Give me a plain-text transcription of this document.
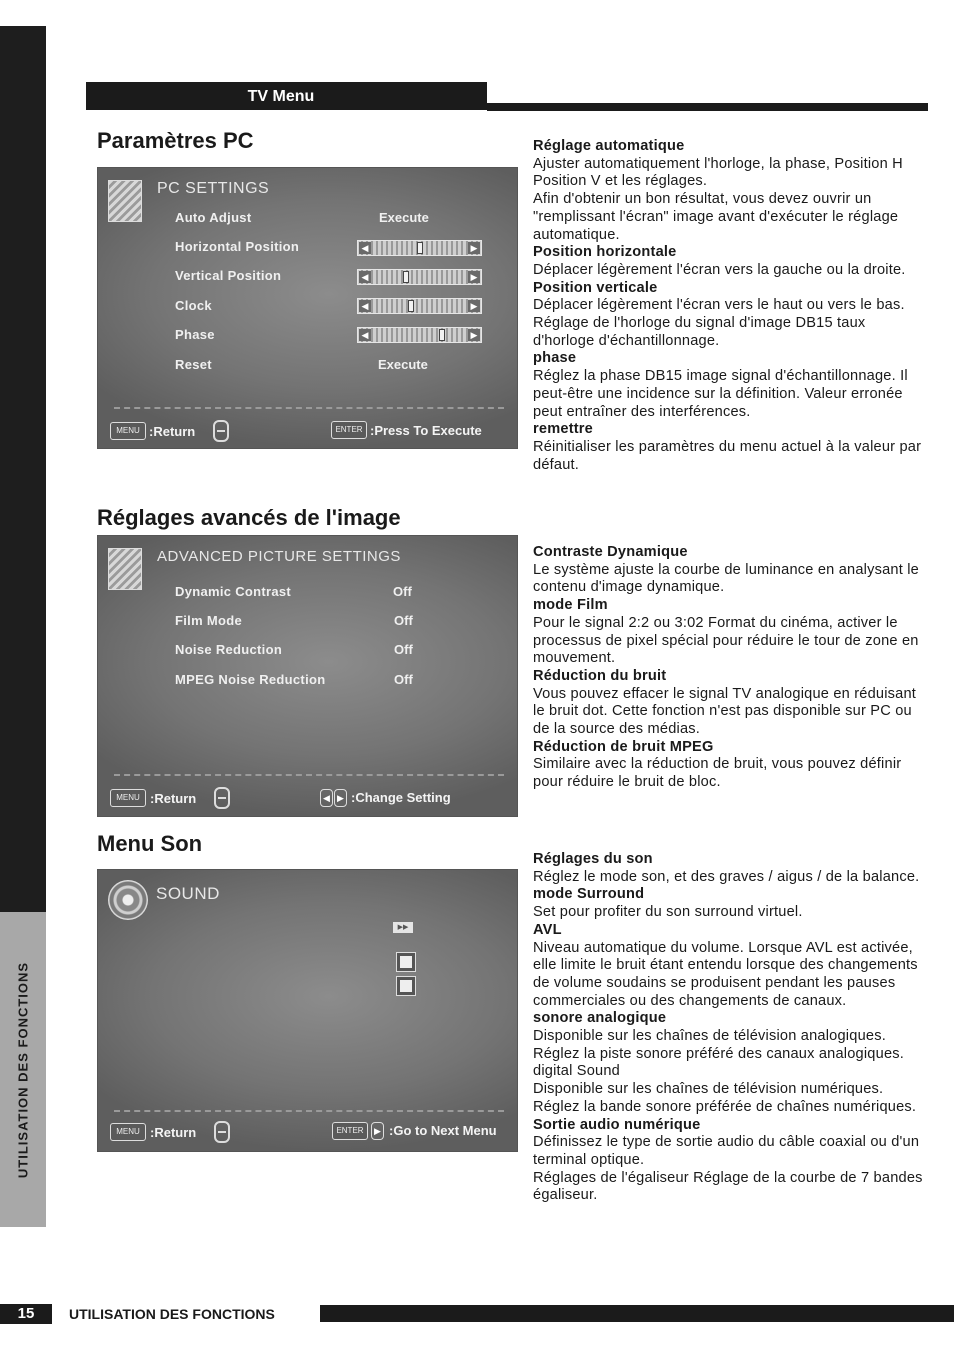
UTILISATION DES FONCTIONS
TV Menu
Paramètres PC
Réglages avancés de l'image
Menu Son
PC SETTINGS
Auto Adjust	Execute
Horizontal Position	◀	▶
Vertical Position	◀	▶
Clock	◀	▶
Phase	◀	▶
Reset	Execute
MENU :Return	ENTER :Press To Execute
ADVANCED PICTURE SETTINGS
Dynamic Contrast	Off
Film Mode	Off
Noise Reduction	Off
MPEG Noise Reduction	Off
MENU :Return	◀ ▶ :Change Setting
SOUND
▶▶
MENU :Return	ENTER	▶ :Go to Next Menu

Réglage automatique

Ajuster automatiquement l'horloge, la phase, Position H Position V et les réglages.
Afin d'obtenir un bon résultat, vous devez ouvrir un "remplissant l'écran" image avant d'exécuter le réglage automatique.

Position horizontale

Déplacer légèrement l'écran vers la gauche ou la droite.

Position verticale

Déplacer légèrement l'écran vers le haut ou vers le bas.
Réglage de l'horloge du signal d'image DB15 taux d'horloge d'échantillonnage.

phase

Réglez la phase DB15 image signal d'échantillonnage. Il peut-être une incidence sur la définition. Valeur erronée peut entraîner des interférences.

remettre

Réinitialiser les paramètres du menu actuel à la valeur par défaut.

Contraste Dynamique

Le système ajuste la courbe de luminance en analysant le contenu d'image dynamique.

mode Film

Pour le signal 2:2 ou 3:02 Format du cinéma, activer le processus de pixel spécial pour réduire le tour de zone en mouvement.

Réduction du bruit

Vous pouvez effacer le signal TV analogique en réduisant le bruit dot. Cette fonction n'est pas disponible sur PC ou de la source des médias.

Réduction de bruit MPEG

Similaire avec la réduction de bruit, vous pouvez définir pour réduire le bruit de bloc.

Réglages du son

Réglez le mode son, et des graves / aigus / de la balance.

mode Surround

Set pour profiter du son surround virtuel.

AVL

Niveau automatique du volume. Lorsque AVL est activée, elle limite le bruit étant entendu lorsque des changements de volume soudains se produisent pendant les pauses commerciales ou des changements de canaux.

sonore analogique

Disponible sur les chaînes de télévision analogiques. Réglez la piste sonore préféré des canaux analogiques. digital Sound
Disponible sur les chaînes de télévision numériques.
Réglez la bande sonore préférée de chaînes numériques.

Sortie audio numérique

Définissez le type de sortie audio du câble coaxial ou d'un terminal optique.
Réglages de l'égaliseur Réglage de la courbe de 7 bandes égaliseur.

15	UTILISATION DES FONCTIONS
